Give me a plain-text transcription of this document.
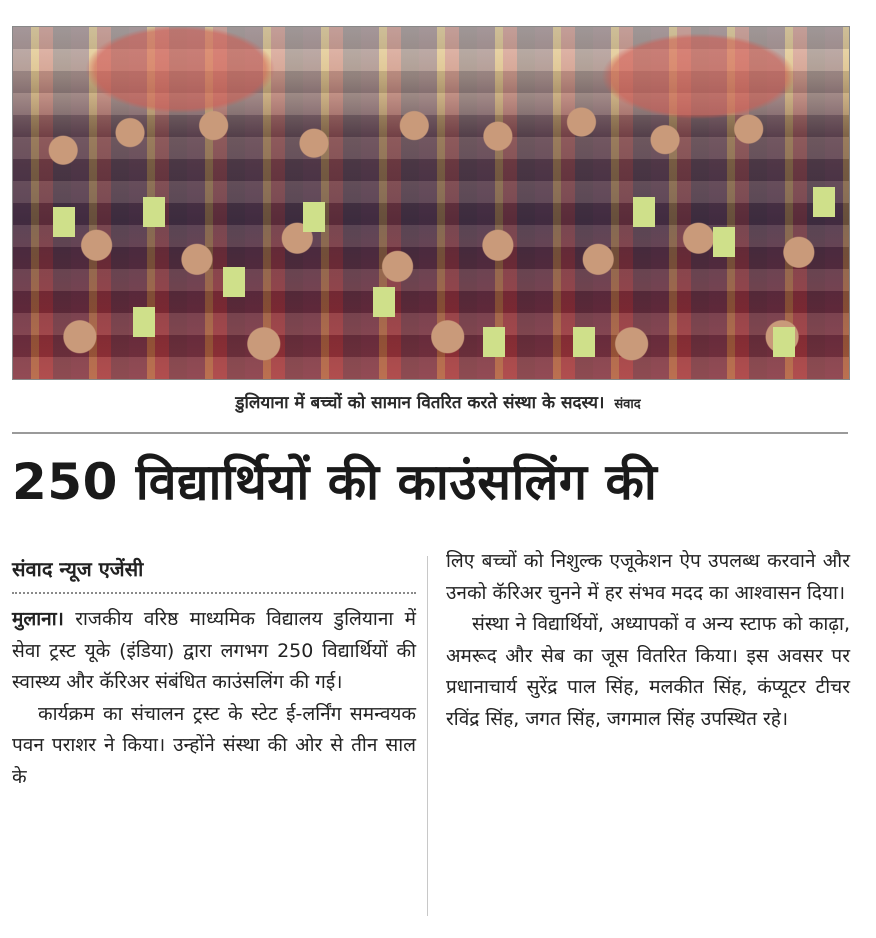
डुलियाना में बच्चों को सामान वितरित करते संस्था के सदस्य। संवाद
250 विद्यार्थियों की काउंसलिंग की
संवाद न्यूज एजेंसी

मुलाना। राजकीय वरिष्ठ माध्यमिक विद्यालय डुलियाना में सेवा ट्रस्ट यूके (इंडिया) द्वारा लगभग 250 विद्यार्थियों की स्वास्थ्य और कॅरिअर संबंधित काउंसलिंग की गई।

कार्यक्रम का संचालन ट्रस्ट के स्टेट ई-लर्निंग समन्वयक पवन पराशर ने किया। उन्होंने संस्था की ओर से तीन साल के

लिए बच्चों को निशुल्क एजूकेशन ऐप उपलब्ध करवाने और उनको कॅरिअर चुनने में हर संभव मदद का आश्वासन दिया।

संस्था ने विद्यार्थियों, अध्यापकों व अन्य स्टाफ को काढ़ा, अमरूद और सेब का जूस वितरित किया। इस अवसर पर प्रधानाचार्य सुरेंद्र पाल सिंह, मलकीत सिंह, कंप्यूटर टीचर रविंद्र सिंह, जगत सिंह, जगमाल सिंह उपस्थित रहे।
